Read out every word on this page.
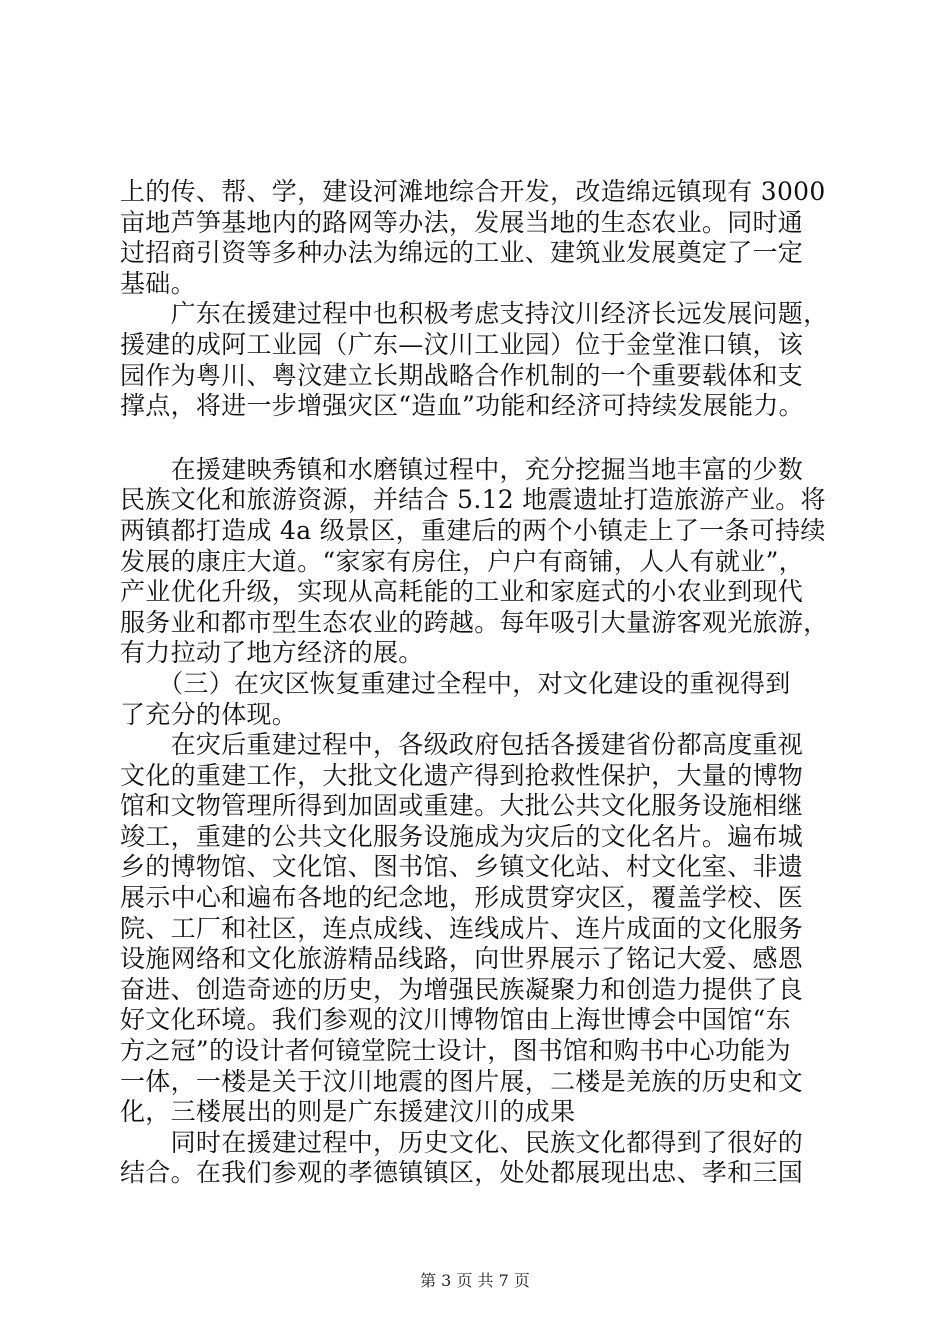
上的传、帮、学，建设河滩地综合开发，改造绵远镇现有 3000
亩地芦笋基地内的路网等办法，发展当地的生态农业。同时通
过招商引资等多种办法为绵远的工业、建筑业发展奠定了一定
基础。
　　广东在援建过程中也积极考虑支持汶川经济长远发展问题，
援建的成阿工业园（广东—汶川工业园）位于金堂淮口镇，该
园作为粤川、粤汶建立长期战略合作机制的一个重要载体和支
撑点，将进一步增强灾区“造血”功能和经济可持续发展能力。
　　在援建映秀镇和水磨镇过程中，充分挖掘当地丰富的少数
民族文化和旅游资源，并结合 5.12 地震遗址打造旅游产业。将
两镇都打造成 4a 级景区，重建后的两个小镇走上了一条可持续
发展的康庄大道。“家家有房住，户户有商铺，人人有就业”，
产业优化升级，实现从高耗能的工业和家庭式的小农业到现代
服务业和都市型生态农业的跨越。每年吸引大量游客观光旅游，
有力拉动了地方经济的展。
　　（三）在灾区恢复重建过全程中，对文化建设的重视得到
了充分的体现。
　　在灾后重建过程中，各级政府包括各援建省份都高度重视
文化的重建工作，大批文化遗产得到抢救性保护，大量的博物
馆和文物管理所得到加固或重建。大批公共文化服务设施相继
竣工，重建的公共文化服务设施成为灾后的文化名片。遍布城
乡的博物馆、文化馆、图书馆、乡镇文化站、村文化室、非遗
展示中心和遍布各地的纪念地，形成贯穿灾区，覆盖学校、医
院、工厂和社区，连点成线、连线成片、连片成面的文化服务
设施网络和文化旅游精品线路，向世界展示了铭记大爱、感恩
奋进、创造奇迹的历史，为增强民族凝聚力和创造力提供了良
好文化环境。我们参观的汶川博物馆由上海世博会中国馆“东
方之冠”的设计者何镜堂院士设计，图书馆和购书中心功能为
一体，一楼是关于汶川地震的图片展，二楼是羌族的历史和文
化，三楼展出的则是广东援建汶川的成果
　　同时在援建过程中，历史文化、民族文化都得到了很好的
结合。在我们参观的孝德镇镇区，处处都展现出忠、孝和三国
第 3 页 共 7 页
